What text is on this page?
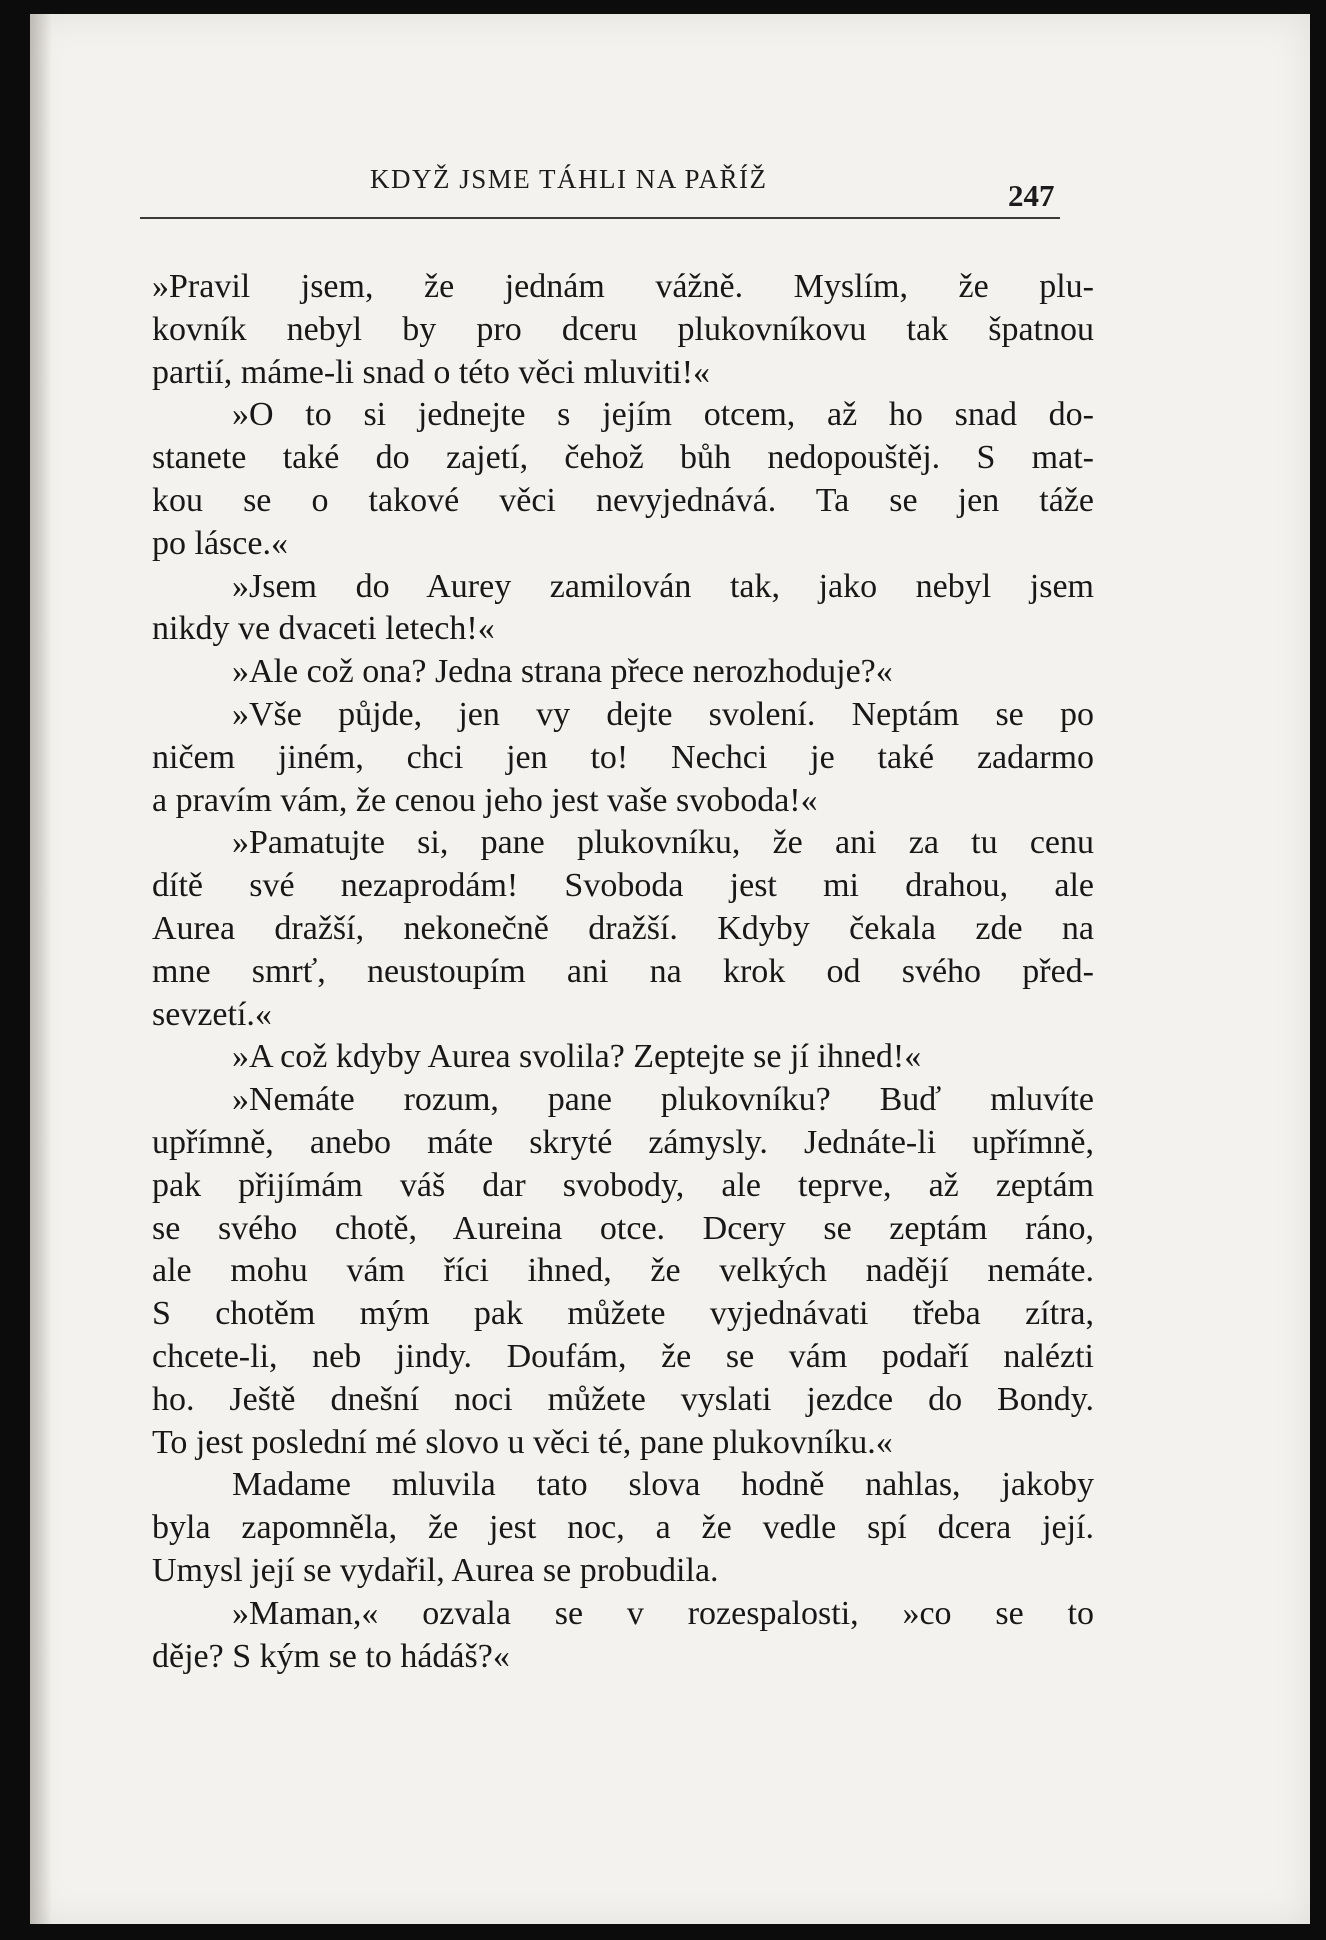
KDYŽ JSME TÁHLI NA PAŘÍŽ	247
»Pravil jsem, že jednám vážně. Myslím, že plu-
kovník nebyl by pro dceru plukovníkovu tak špatnou
partií, máme-li snad o této věci mluviti!«
»O to si jednejte s jejím otcem, až ho snad do-
stanete také do zajetí, čehož bůh nedopouštěj. S mat-
kou se o takové věci nevyjednává. Ta se jen táže
po lásce.«
»Jsem do Aurey zamilován tak, jako nebyl jsem
nikdy ve dvaceti letech!«
»Ale což ona? Jedna strana přece nerozhoduje?«
»Vše půjde, jen vy dejte svolení. Neptám se po
ničem jiném, chci jen to! Nechci je také zadarmo
a pravím vám, že cenou jeho jest vaše svoboda!«
»Pamatujte si, pane plukovníku, že ani za tu cenu
dítě své nezaprodám! Svoboda jest mi drahou, ale
Aurea dražší, nekonečně dražší. Kdyby čekala zde na
mne smrť, neustoupím ani na krok od svého před-
sevzetí.«
»A což kdyby Aurea svolila? Zeptejte se jí ihned!«
»Nemáte rozum, pane plukovníku? Buď mluvíte
upřímně, anebo máte skryté zámysly. Jednáte-li upřímně,
pak přijímám váš dar svobody, ale teprve, až zeptám
se svého chotě, Aureina otce. Dcery se zeptám ráno,
ale mohu vám říci ihned, že velkých nadějí nemáte.
S chotěm mým pak můžete vyjednávati třeba zítra,
chcete-li, neb jindy. Doufám, že se vám podaří nalézti
ho. Ještě dnešní noci můžete vyslati jezdce do Bondy.
To jest poslední mé slovo u věci té, pane plukovníku.«
Madame mluvila tato slova hodně nahlas, jakoby
byla zapomněla, že jest noc, a že vedle spí dcera její.
Umysl její se vydařil, Aurea se probudila.
»Maman,« ozvala se v rozespalosti, »co se to
děje? S kým se to hádáš?«
